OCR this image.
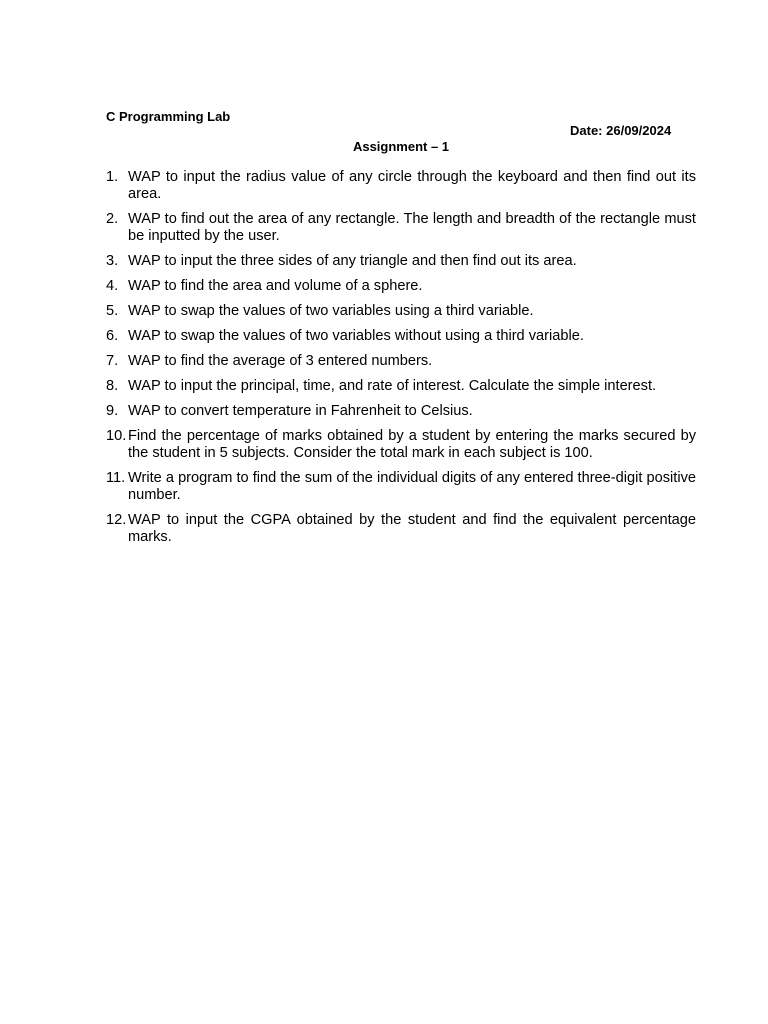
C Programming Lab
Date: 26/09/2024
Assignment – 1
1. WAP to input the radius value of any circle through the keyboard and then find out its area.
2. WAP to find out the area of any rectangle. The length and breadth of the rectangle must be inputted by the user.
3. WAP to input the three sides of any triangle and then find out its area.
4. WAP to find the area and volume of a sphere.
5. WAP to swap the values of two variables using a third variable.
6. WAP to swap the values of two variables without using a third variable.
7. WAP to find the average of 3 entered numbers.
8. WAP to input the principal, time, and rate of interest. Calculate the simple interest.
9. WAP to convert temperature in Fahrenheit to Celsius.
10. Find the percentage of marks obtained by a student by entering the marks secured by the student in 5 subjects. Consider the total mark in each subject is 100.
11. Write a program to find the sum of the individual digits of any entered three-digit positive number.
12. WAP to input the CGPA obtained by the student and find the equivalent percentage marks.
